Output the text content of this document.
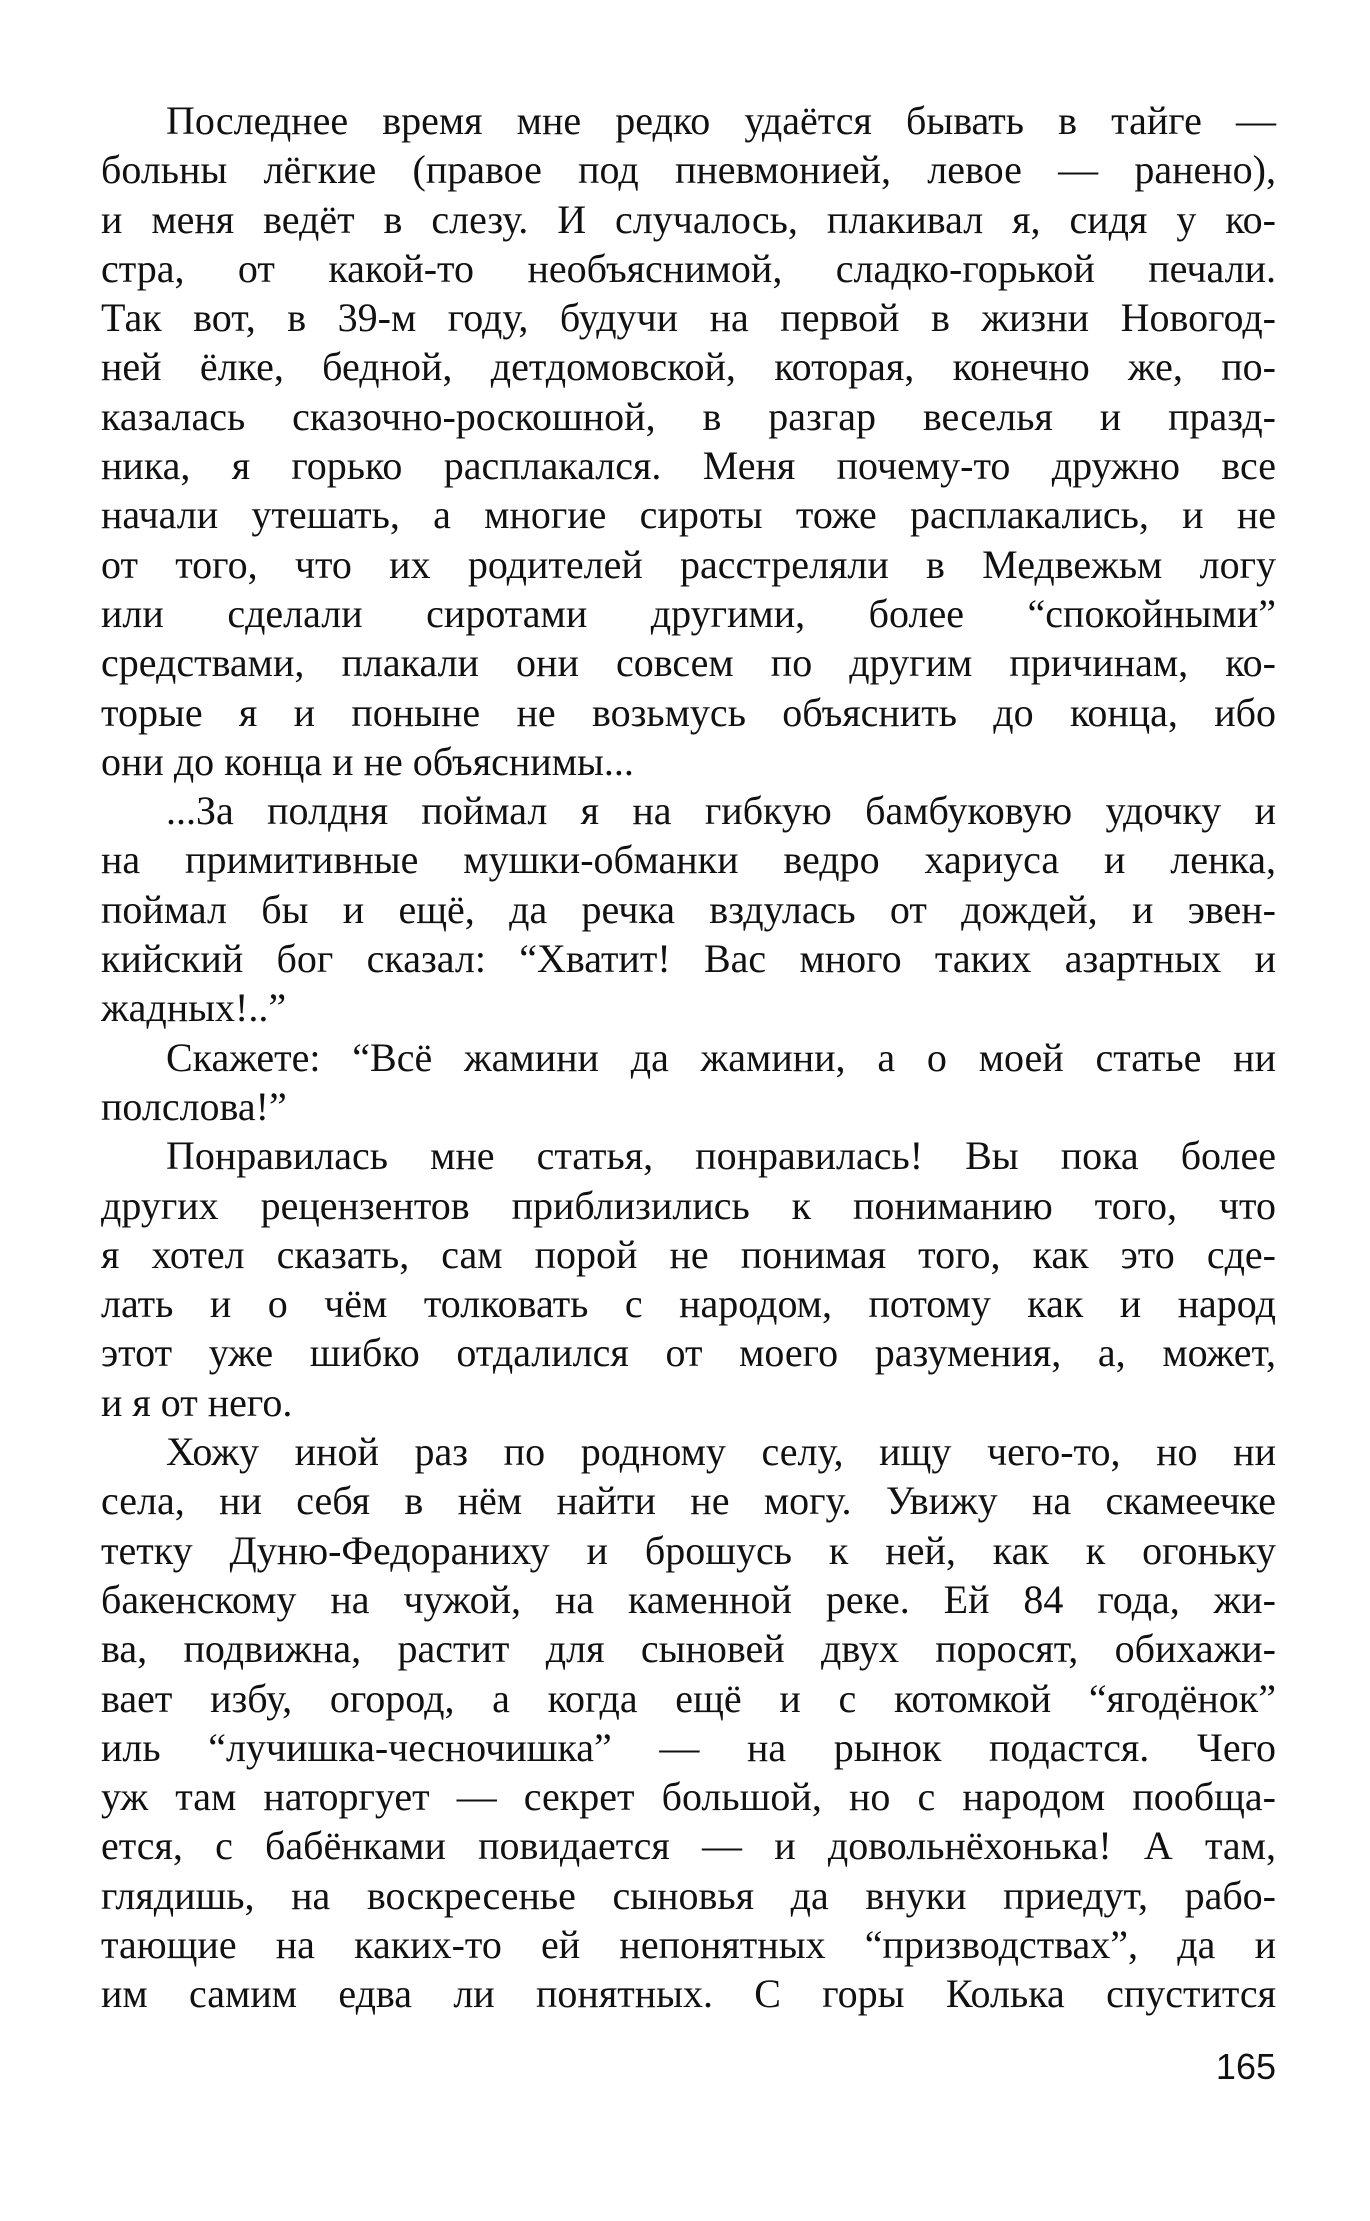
Последнее время мне редко удаётся бывать в тайге —
больны лёгкие (правое под пневмонией, левое — ранено),
и меня ведёт в слезу. И случалось, плакивал я, сидя у ко-
стра, от какой-то необъяснимой, сладко-горькой печали.
Так вот, в 39-м году, будучи на первой в жизни Новогод-
ней ёлке, бедной, детдомовской, которая, конечно же, по-
казалась сказочно-роскошной, в разгар веселья и празд-
ника, я горько расплакался. Меня почему-то дружно все
начали утешать, а многие сироты тоже расплакались, и не
от того, что их родителей расстреляли в Медвежьм логу
или сделали сиротами другими, более “спокойными”
средствами, плакали они совсем по другим причинам, ко-
торые я и поныне не возьмусь объяснить до конца, ибо
они до конца и не объяснимы...
...За полдня поймал я на гибкую бамбуковую удочку и
на примитивные мушки-обманки ведро хариуса и ленка,
поймал бы и ещё, да речка вздулась от дождей, и эвен-
кийский бог сказал: “Хватит! Вас много таких азартных и
жадных!..”
Скажете: “Всё жамини да жамини, а о моей статье ни
полслова!”
Понравилась мне статья, понравилась! Вы пока более
других рецензентов приблизились к пониманию того, что
я хотел сказать, сам порой не понимая того, как это сде-
лать и о чём толковать с народом, потому как и народ
этот уже шибко отдалился от моего разумения, а, может,
и я от него.
Хожу иной раз по родному селу, ищу чего-то, но ни
села, ни себя в нём найти не могу. Увижу на скамеечке
тетку Дуню-Федораниху и брошусь к ней, как к огоньку
бакенскому на чужой, на каменной реке. Ей 84 года, жи-
ва, подвижна, растит для сыновей двух поросят, обихажи-
вает избу, огород, а когда ещё и с котомкой “ягодёнок”
иль “лучишка-чесночишка” — на рынок подастся. Чего
уж там наторгует — секрет большой, но с народом пообща-
ется, с бабёнками повидается — и довольнёхонька! А там,
глядишь, на воскресенье сыновья да внуки приедут, рабо-
тающие на каких-то ей непонятных “призводствах”, да и
им самим едва ли понятных. С горы Колька спустится
165
